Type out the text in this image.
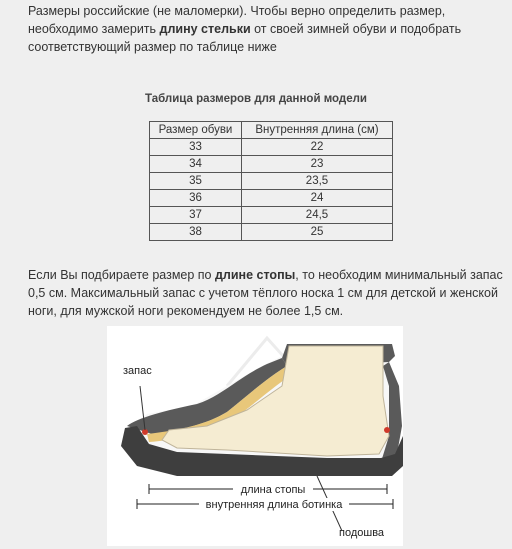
Размеры российские (не маломерки). Чтобы верно определить размер, необходимо замерить длину стельки от своей зимней обуви и подобрать соответствующий размер по таблице ниже

Таблица размеров для данной модели
Размер обуви	Внутренняя длина (см)
33	22
34	23
35	23,5
36	24
37	24,5
38	25

Если Вы подбираете размер по длине стопы, то необходим минимальный запас 0,5 см. Максимальный запас с учетом тёплого носка 1 см для детской и женской ноги, для мужской ноги рекомендуем не более 1,5 см.

запас
длина стопы
внутренняя длина ботинка
подошва
